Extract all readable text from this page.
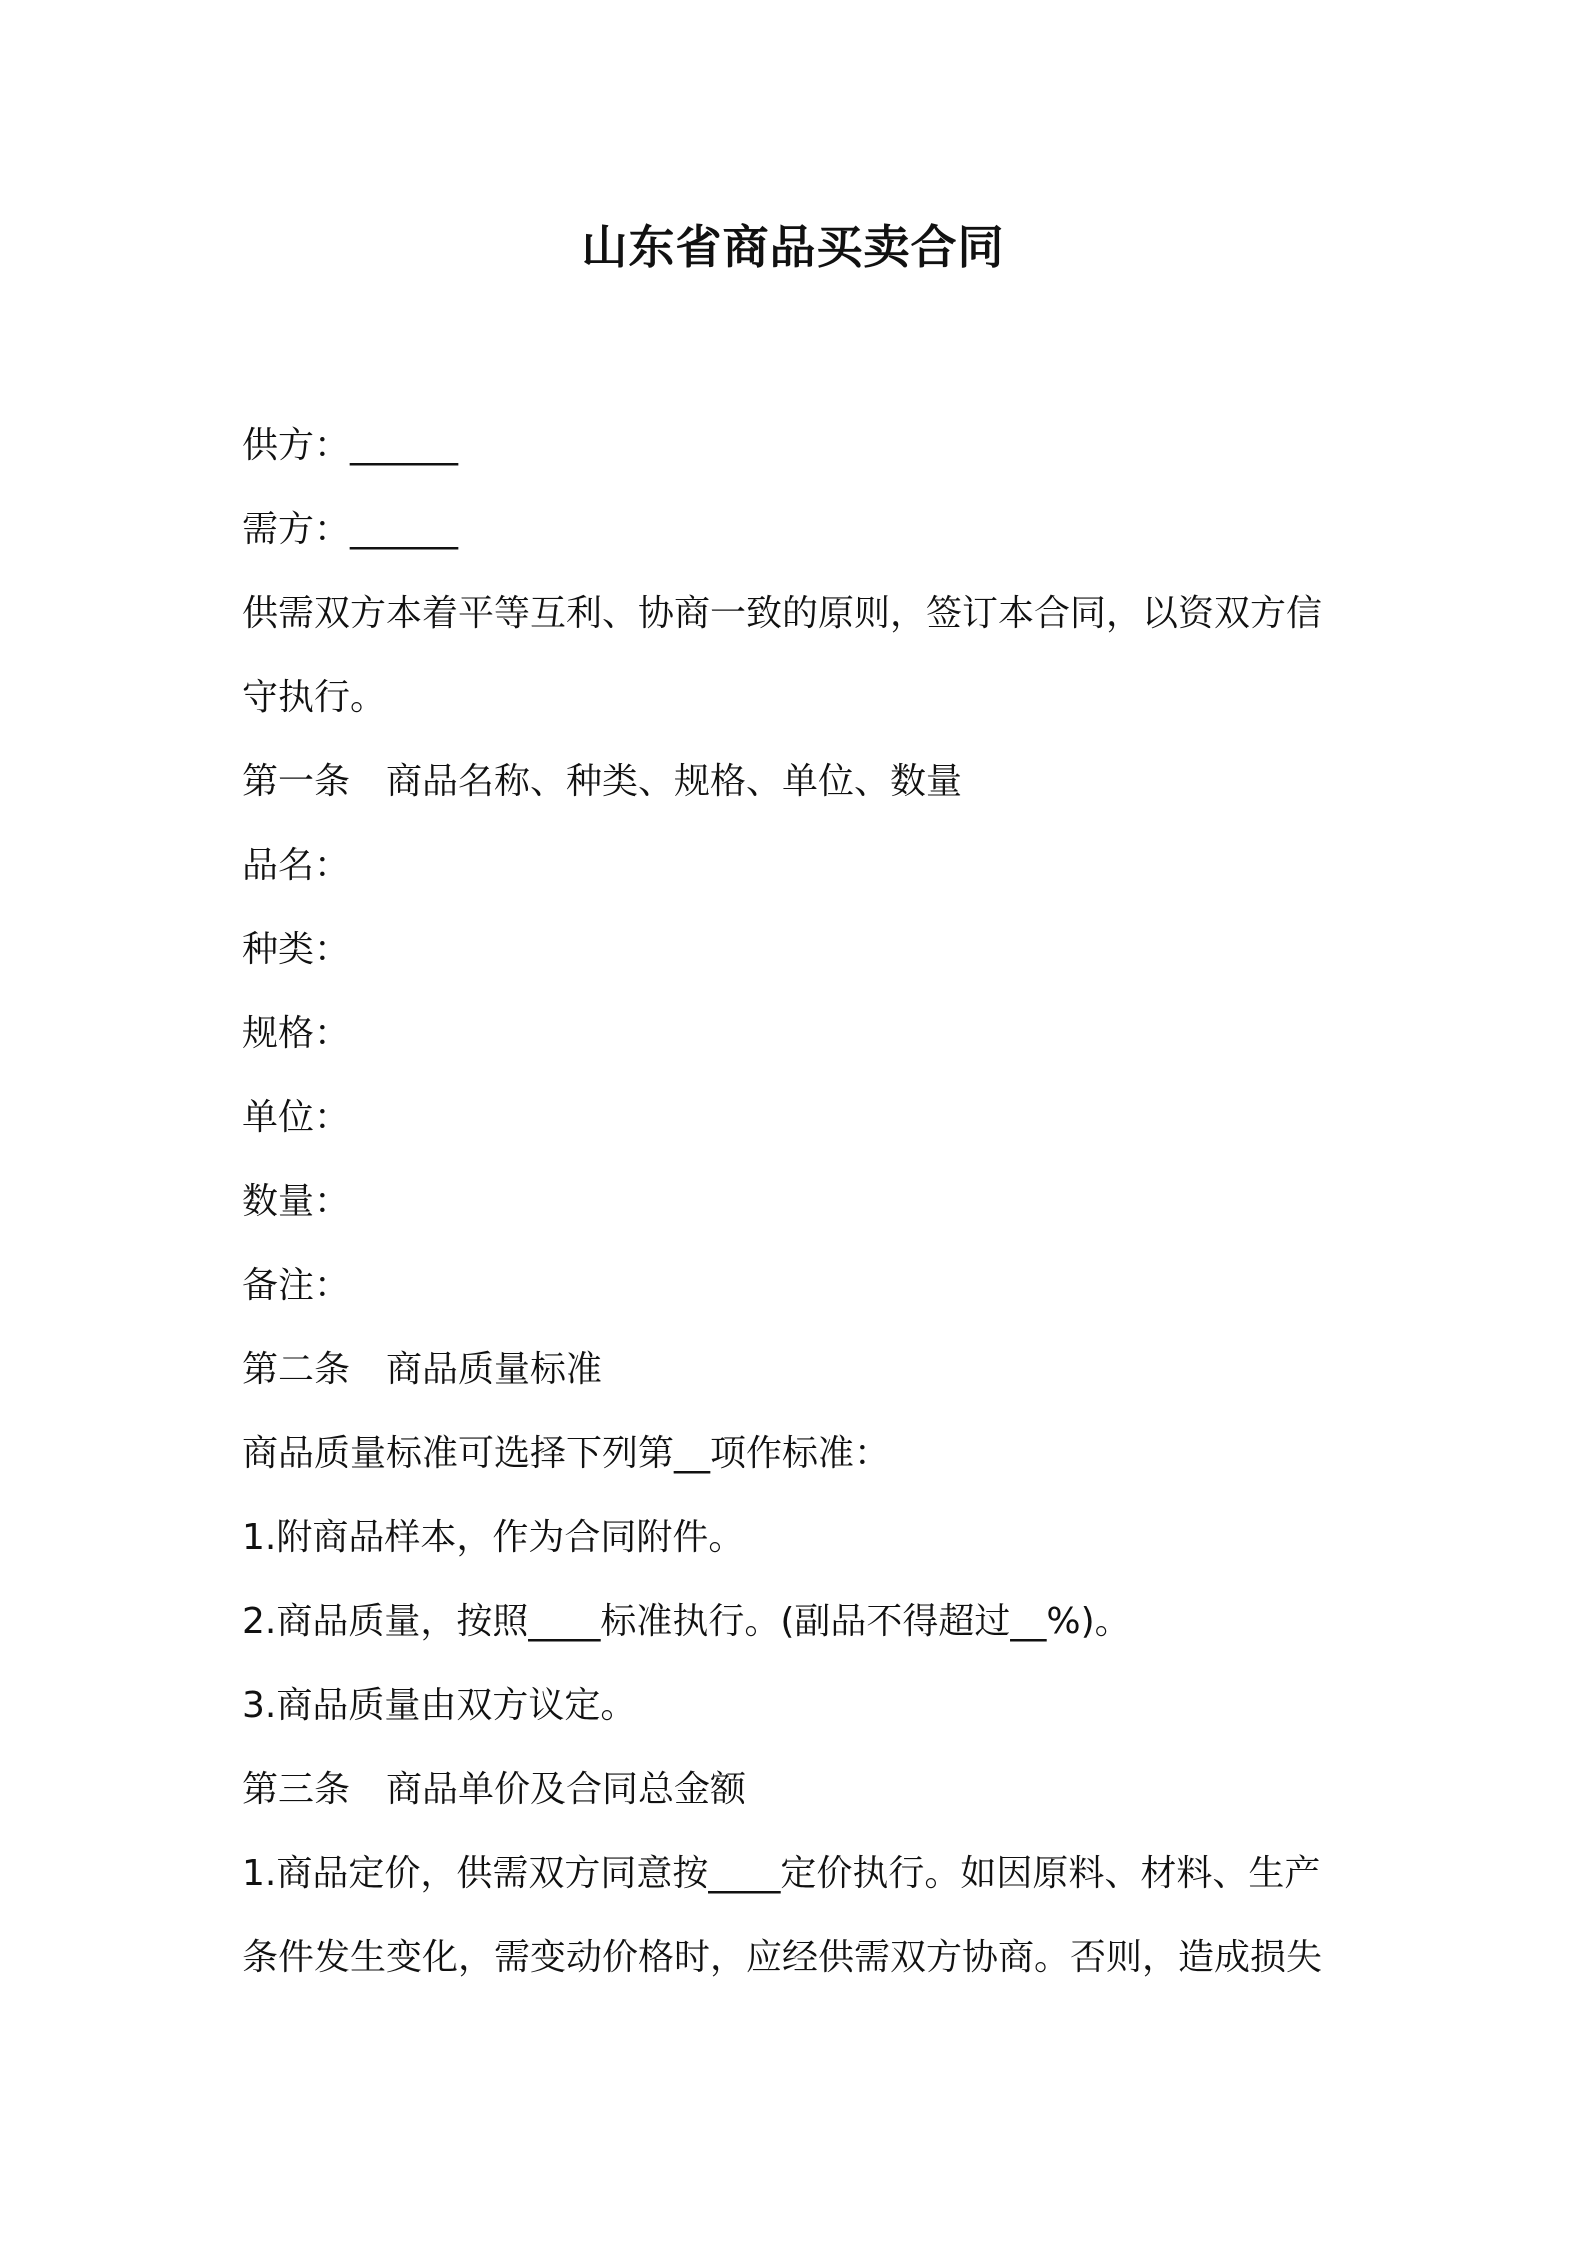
山东省商品买卖合同
供方：______
需方：______
供需双方本着平等互利、协商一致的原则，签订本合同，以资双方信
守执行。
第一条　商品名称、种类、规格、单位、数量
品名：
种类：
规格：
单位：
数量：
备注：
第二条　商品质量标准
商品质量标准可选择下列第__项作标准：
1.附商品样本，作为合同附件。
2.商品质量，按照____标准执行。(副品不得超过__%)。
3.商品质量由双方议定。
第三条　商品单价及合同总金额
1.商品定价，供需双方同意按____定价执行。如因原料、材料、生产
条件发生变化，需变动价格时，应经供需双方协商。否则，造成损失
